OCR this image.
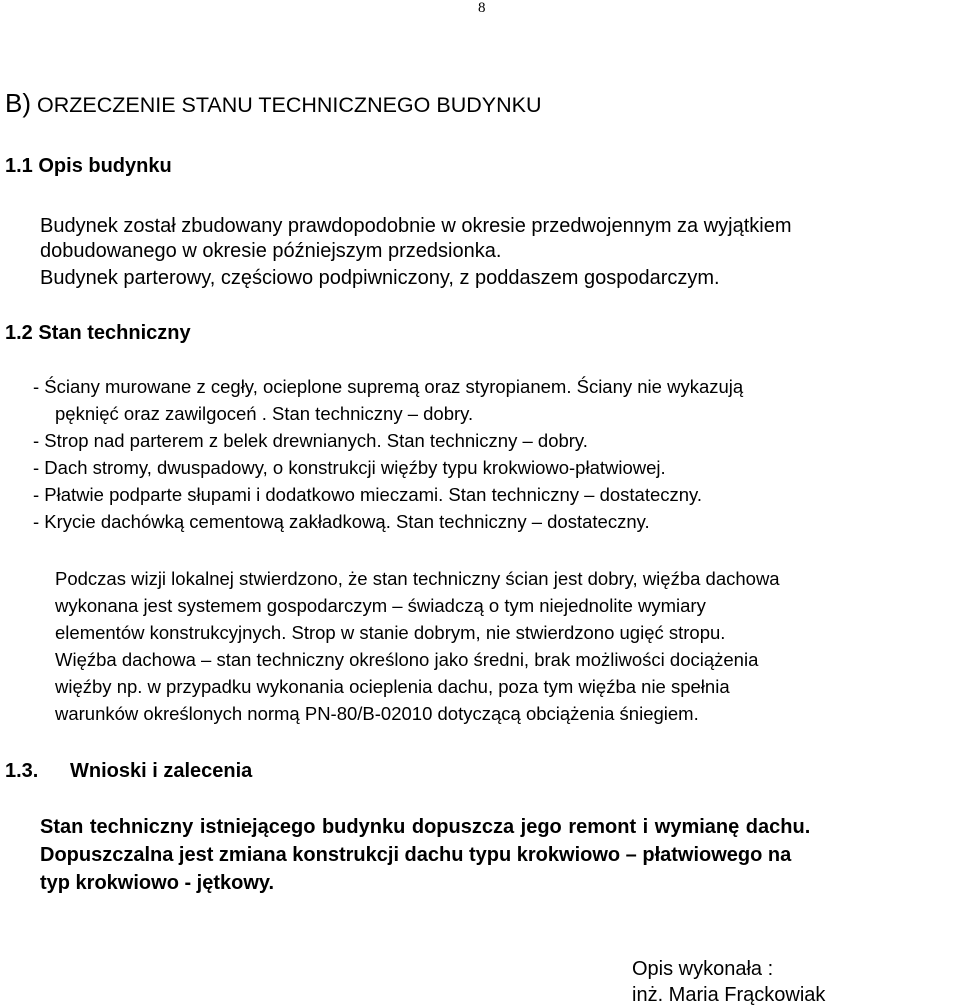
8
B) ORZECZENIE STANU TECHNICZNEGO BUDYNKU
1.1 Opis budynku
Budynek został zbudowany prawdopodobnie w okresie przedwojennym za wyjątkiem
dobudowanego w okresie późniejszym przedsionka.
Budynek parterowy, częściowo podpiwniczony, z poddaszem gospodarczym.
1.2 Stan techniczny
- Ściany murowane z cegły, ocieplone supremą oraz styropianem. Ściany nie wykazują
pęknięć oraz zawilgoceń . Stan techniczny – dobry.
- Strop nad parterem z belek drewnianych. Stan techniczny – dobry.
- Dach stromy, dwuspadowy, o konstrukcji więźby typu krokwiowo-płatwiowej.
- Płatwie podparte słupami i dodatkowo mieczami. Stan techniczny – dostateczny.
- Krycie dachówką cementową zakładkową. Stan techniczny – dostateczny.
Podczas wizji lokalnej stwierdzono, że stan techniczny ścian jest dobry, więźba dachowa
wykonana jest systemem gospodarczym – świadczą o tym niejednolite wymiary
elementów konstrukcyjnych. Strop w stanie dobrym, nie stwierdzono ugięć stropu.
Więźba dachowa – stan techniczny określono jako średni, brak możliwości dociążenia
więźby np. w przypadku wykonania ocieplenia dachu, poza tym więźba nie spełnia
warunków określonych normą PN-80/B-02010 dotyczącą obciążenia śniegiem.
1.3. Wnioski i zalecenia
Stan techniczny istniejącego budynku dopuszcza jego remont i wymianę dachu.
Dopuszczalna jest zmiana konstrukcji dachu typu krokwiowo – płatwiowego na
typ krokwiowo - jętkowy.
Opis wykonała :
inż. Maria Frąckowiak
